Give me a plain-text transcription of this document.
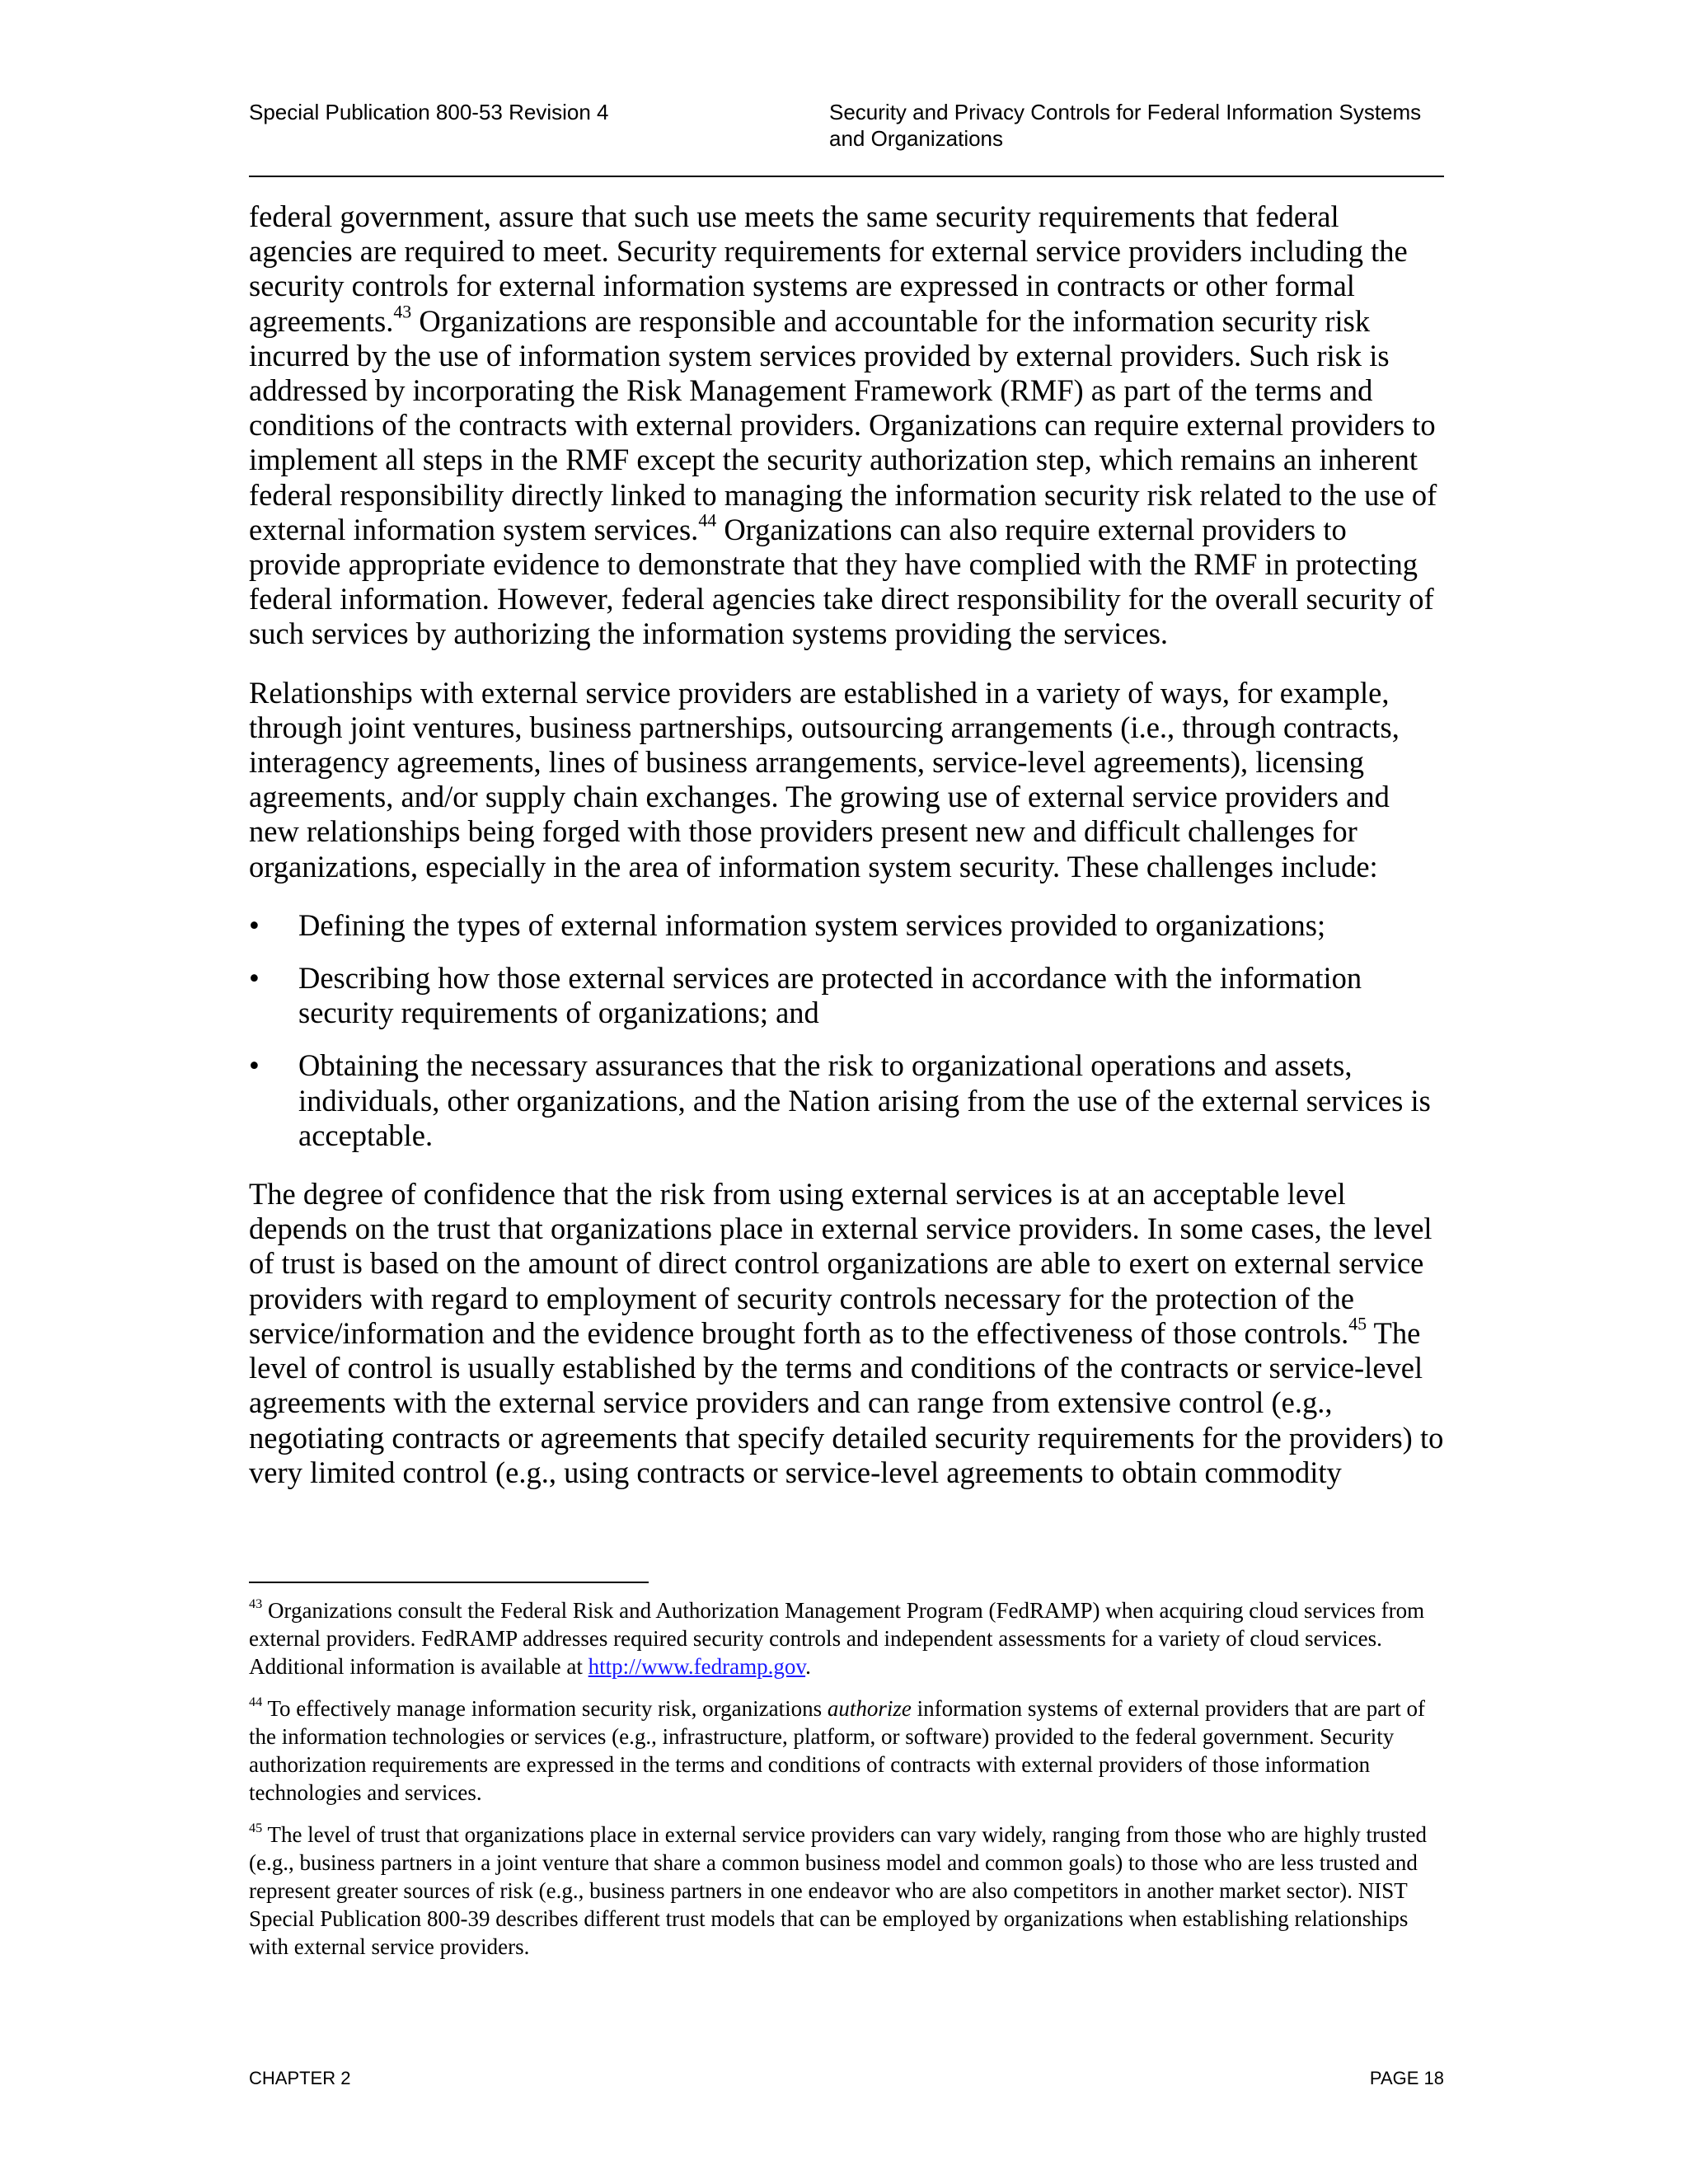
Special Publication 800-53 Revision 4	Security and Privacy Controls for Federal Information Systems and Organizations

federal government, assure that such use meets the same security requirements that federal agencies are required to meet. Security requirements for external service providers including the security controls for external information systems are expressed in contracts or other formal agreements.$^{43}$ Organizations are responsible and accountable for the information security risk incurred by the use of information system services provided by external providers. Such risk is addressed by incorporating the Risk Management Framework (RMF) as part of the terms and conditions of the contracts with external providers. Organizations can require external providers to implement all steps in the RMF except the security authorization step, which remains an inherent federal responsibility directly linked to managing the information security risk related to the use of external information system services.$^{44}$ Organizations can also require external providers to provide appropriate evidence to demonstrate that they have complied with the RMF in protecting federal information. However, federal agencies take direct responsibility for the overall security of such services by authorizing the information systems providing the services.

Relationships with external service providers are established in a variety of ways, for example, through joint ventures, business partnerships, outsourcing arrangements (i.e., through contracts, interagency agreements, lines of business arrangements, service-level agreements), licensing agreements, and/or supply chain exchanges. The growing use of external service providers and new relationships being forged with those providers present new and difficult challenges for organizations, especially in the area of information system security. These challenges include:

•	Defining the types of external information system services provided to organizations;
•	Describing how those external services are protected in accordance with the information security requirements of organizations; and
•	Obtaining the necessary assurances that the risk to organizational operations and assets, individuals, other organizations, and the Nation arising from the use of the external services is acceptable.

The degree of confidence that the risk from using external services is at an acceptable level depends on the trust that organizations place in external service providers. In some cases, the level of trust is based on the amount of direct control organizations are able to exert on external service providers with regard to employment of security controls necessary for the protection of the service/information and the evidence brought forth as to the effectiveness of those controls.$^{45}$ The level of control is usually established by the terms and conditions of the contracts or service-level agreements with the external service providers and can range from extensive control (e.g., negotiating contracts or agreements that specify detailed security requirements for the providers) to very limited control (e.g., using contracts or service-level agreements to obtain commodity

$^{43}$ Organizations consult the Federal Risk and Authorization Management Program (FedRAMP) when acquiring cloud services from external providers. FedRAMP addresses required security controls and independent assessments for a variety of cloud services. Additional information is available at http://www.fedramp.gov.

$^{44}$ To effectively manage information security risk, organizations authorize information systems of external providers that are part of the information technologies or services (e.g., infrastructure, platform, or software) provided to the federal government. Security authorization requirements are expressed in the terms and conditions of contracts with external providers of those information technologies and services.

$^{45}$ The level of trust that organizations place in external service providers can vary widely, ranging from those who are highly trusted (e.g., business partners in a joint venture that share a common business model and common goals) to those who are less trusted and represent greater sources of risk (e.g., business partners in one endeavor who are also competitors in another market sector). NIST Special Publication 800-39 describes different trust models that can be employed by organizations when establishing relationships with external service providers.

CHAPTER 2	PAGE 18
